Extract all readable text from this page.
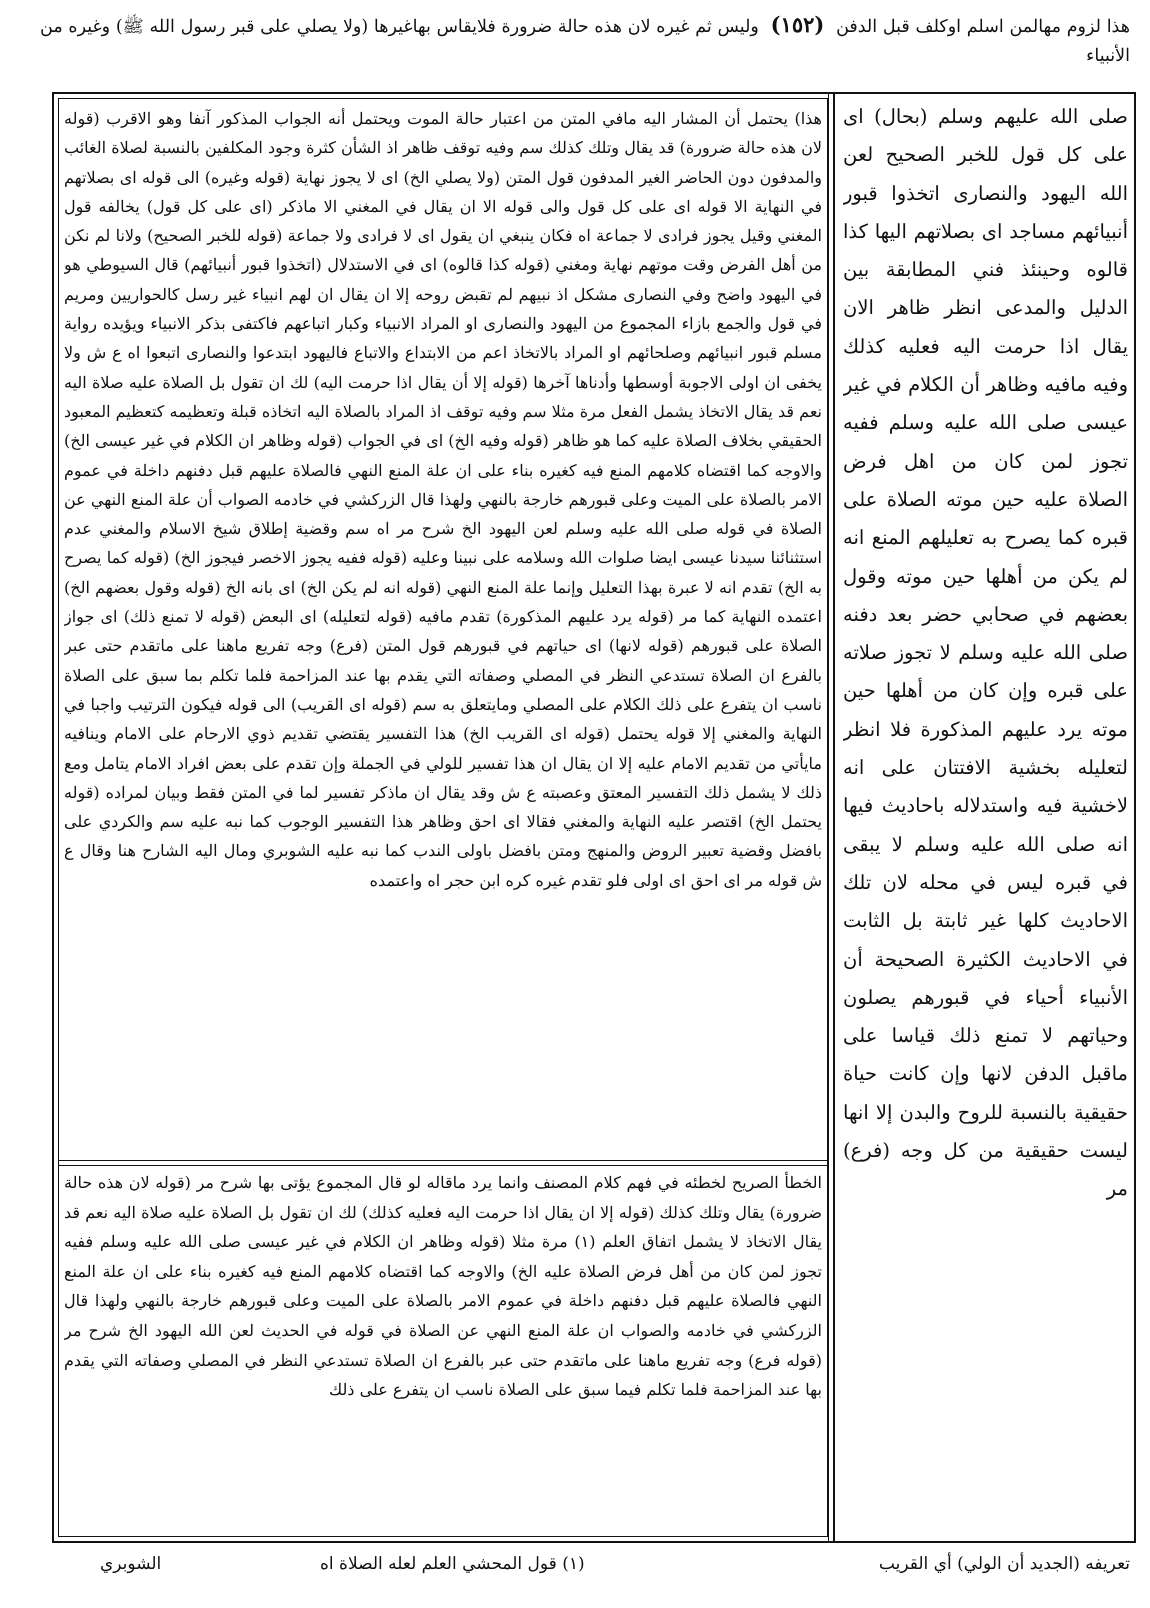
هذا لزوم مهالمن اسلم اوكلف قبل الدفن (١٥٢) وليس ثم غيره لان هذه حالة ضرورة فلايقاس بهاغيرها (ولا يصلي على قبر رسول الله ﷺ) وغيره من الأنبياء
صلى الله عليهم وسلم (بحال) اى على كل قول للخبر الصحيح لعن الله اليهود والنصارى اتخذوا قبور أنبيائهم مساجد اى بصلاتهم اليها كذا قالوه وحينئذ فني المطابقة بين الدليل والمدعى انظر ظاهر الان يقال اذا حرمت اليه فعليه كذلك وفيه مافيه وظاهر أن الكلام في غير عيسى صلى الله عليه وسلم ففيه تجوز لمن كان من اهل فرض الصلاة عليه حين موته الصلاة على قبره كما يصرح به تعليلهم المنع انه لم يكن من أهلها حين موته وقول بعضهم في صحابي حضر بعد دفنه صلى الله عليه وسلم لا تجوز صلاته على قبره وإن كان من أهلها حين موته يرد عليهم المذكورة فلا انظر لتعليله بخشية الافتتان على انه لاخشية فيه واستدلاله باحاديث فيها انه صلى الله عليه وسلم لا يبقى في قبره ليس في محله لان تلك الاحاديث كلها غير ثابتة بل الثابت في الاحاديث الكثيرة الصحيحة أن الأنبياء أحياء في قبورهم يصلون وحياتهم لا تمنع ذلك قياسا على ماقبل الدفن لانها وإن كانت حياة حقيقية بالنسبة للروح والبدن إلا انها ليست حقيقية من كل وجه (فرع) مر
هذا) يحتمل أن المشار اليه مافي المتن من اعتبار حالة الموت ويحتمل أنه الجواب المذكور آنفا وهو الاقرب (قوله لان هذه حالة ضرورة) قد يقال وتلك كذلك سم وفيه توقف ظاهر اذ الشأن كثرة وجود المكلفين بالنسبة لصلاة الغائب والمدفون دون الحاضر الغير المدفون قول المتن (ولا يصلي الخ) اى لا يجوز نهاية (قوله وغيره) الى قوله اى بصلاتهم في النهاية الا قوله اى على كل قول والى قوله الا ان يقال في المغني الا ماذكر (اى على كل قول) يخالفه قول المغني وقيل يجوز فرادى لا جماعة اه فكان ينبغي ان يقول اى لا فرادى ولا جماعة (قوله للخبر الصحيح) ولانا لم نكن من أهل الفرض وقت موتهم نهاية ومغني (قوله كذا قالوه) اى في الاستدلال (اتخذوا قبور أنبيائهم) قال السيوطي هو في اليهود واضح وفي النصارى مشكل اذ نبيهم لم تقبض روحه إلا ان يقال ان لهم انبياء غير رسل كالحواريين ومريم في قول والجمع بازاء المجموع من اليهود والنصارى او المراد الانبياء وكبار اتباعهم فاكتفى بذكر الانبياء ويؤيده رواية مسلم قبور انبيائهم وصلحائهم او المراد بالاتخاذ اعم من الابتداع والاتباع فاليهود ابتدعوا والنصارى اتبعوا اه ع ش ولا يخفى ان اولى الاجوبة أوسطها وأدناها آخرها (قوله إلا أن يقال اذا حرمت اليه) لك ان تقول بل الصلاة عليه صلاة اليه نعم قد يقال الاتخاذ يشمل الفعل مرة مثلا سم وفيه توقف اذ المراد بالصلاة اليه اتخاذه قبلة وتعظيمه كتعظيم المعبود الحقيقي بخلاف الصلاة عليه كما هو ظاهر (قوله وفيه الخ) اى في الجواب (قوله وظاهر ان الكلام في غير عيسى الخ) والاوجه كما اقتضاه كلامهم المنع فيه كغيره بناء على ان علة المنع النهي فالصلاة عليهم قبل دفنهم داخلة في عموم الامر بالصلاة على الميت وعلى قبورهم خارجة بالنهي ولهذا قال الزركشي في خادمه الصواب أن علة المنع النهي عن الصلاة في قوله صلى الله عليه وسلم لعن اليهود الخ شرح مر اه سم وقضية إطلاق شيخ الاسلام والمغني عدم استثنائنا سيدنا عيسى ايضا صلوات الله وسلامه على نبينا وعليه (قوله ففيه يجوز الاخصر فيجوز الخ) (قوله كما يصرح به الخ) تقدم انه لا عبرة بهذا التعليل وإنما علة المنع النهي (قوله انه لم يكن الخ) اى بانه الخ (قوله وقول بعضهم الخ) اعتمده النهاية كما مر (قوله يرد عليهم المذكورة) تقدم مافيه (قوله لتعليله) اى البعض (قوله لا تمنع ذلك) اى جواز الصلاة على قبورهم (قوله لانها) اى حياتهم في قبورهم قول المتن (فرع) وجه تفريع ماهنا على ماتقدم حتى عبر بالفرع ان الصلاة تستدعي النظر في المصلي وصفاته التي يقدم بها عند المزاحمة فلما تكلم بما سبق على الصلاة ناسب ان يتفرع على ذلك الكلام على المصلي ومايتعلق به سم (قوله اى القريب) الى قوله فيكون الترتيب واجبا في النهاية والمغني إلا قوله يحتمل (قوله اى القريب الخ) هذا التفسير يقتضي تقديم ذوي الارحام على الامام وينافيه مايأتي من تقديم الامام عليه إلا ان يقال ان هذا تفسير للولي في الجملة وإن تقدم على بعض افراد الامام يتامل ومع ذلك لا يشمل ذلك التفسير المعتق وعصبته ع ش وقد يقال ان ماذكر تفسير لما في المتن فقط وبيان لمراده (قوله يحتمل الخ) اقتصر عليه النهاية والمغني فقالا اى احق وظاهر هذا التفسير الوجوب كما نبه عليه سم والكردي على بافضل وقضية تعبير الروض والمنهج ومتن بافضل باولى الندب كما نبه عليه الشوبري ومال اليه الشارح هنا وقال ع ش قوله مر اى احق اى اولى فلو تقدم غيره كره ابن حجر اه واعتمده
الخطأ الصريح لخطئه في فهم كلام المصنف وانما يرد ماقاله لو قال المجموع يؤتى بها شرح مر (قوله لان هذه حالة ضرورة) يقال وتلك كذلك (قوله إلا ان يقال اذا حرمت اليه فعليه كذلك) لك ان تقول بل الصلاة عليه صلاة اليه نعم قد يقال الاتخاذ لا يشمل اتفاق العلم (١) مرة مثلا (قوله وظاهر ان الكلام في غير عيسى صلى الله عليه وسلم ففيه تجوز لمن كان من أهل فرض الصلاة عليه الخ) والاوجه كما اقتضاه كلامهم المنع فيه كغيره بناء على ان علة المنع النهي فالصلاة عليهم قبل دفنهم داخلة في عموم الامر بالصلاة على الميت وعلى قبورهم خارجة بالنهي ولهذا قال الزركشي في خادمه والصواب ان علة المنع النهي عن الصلاة في قوله في الحديث لعن الله اليهود الخ شرح مر (قوله فرع) وجه تفريع ماهنا على ماتقدم حتى عبر بالفرع ان الصلاة تستدعي النظر في المصلي وصفاته التي يقدم بها عند المزاحمة فلما تكلم فيما سبق على الصلاة ناسب ان يتفرع على ذلك
تعريفه (الجديد أن الولي) أي القريب
(١) قول المحشي العلم لعله الصلاة اه
الشوبري
